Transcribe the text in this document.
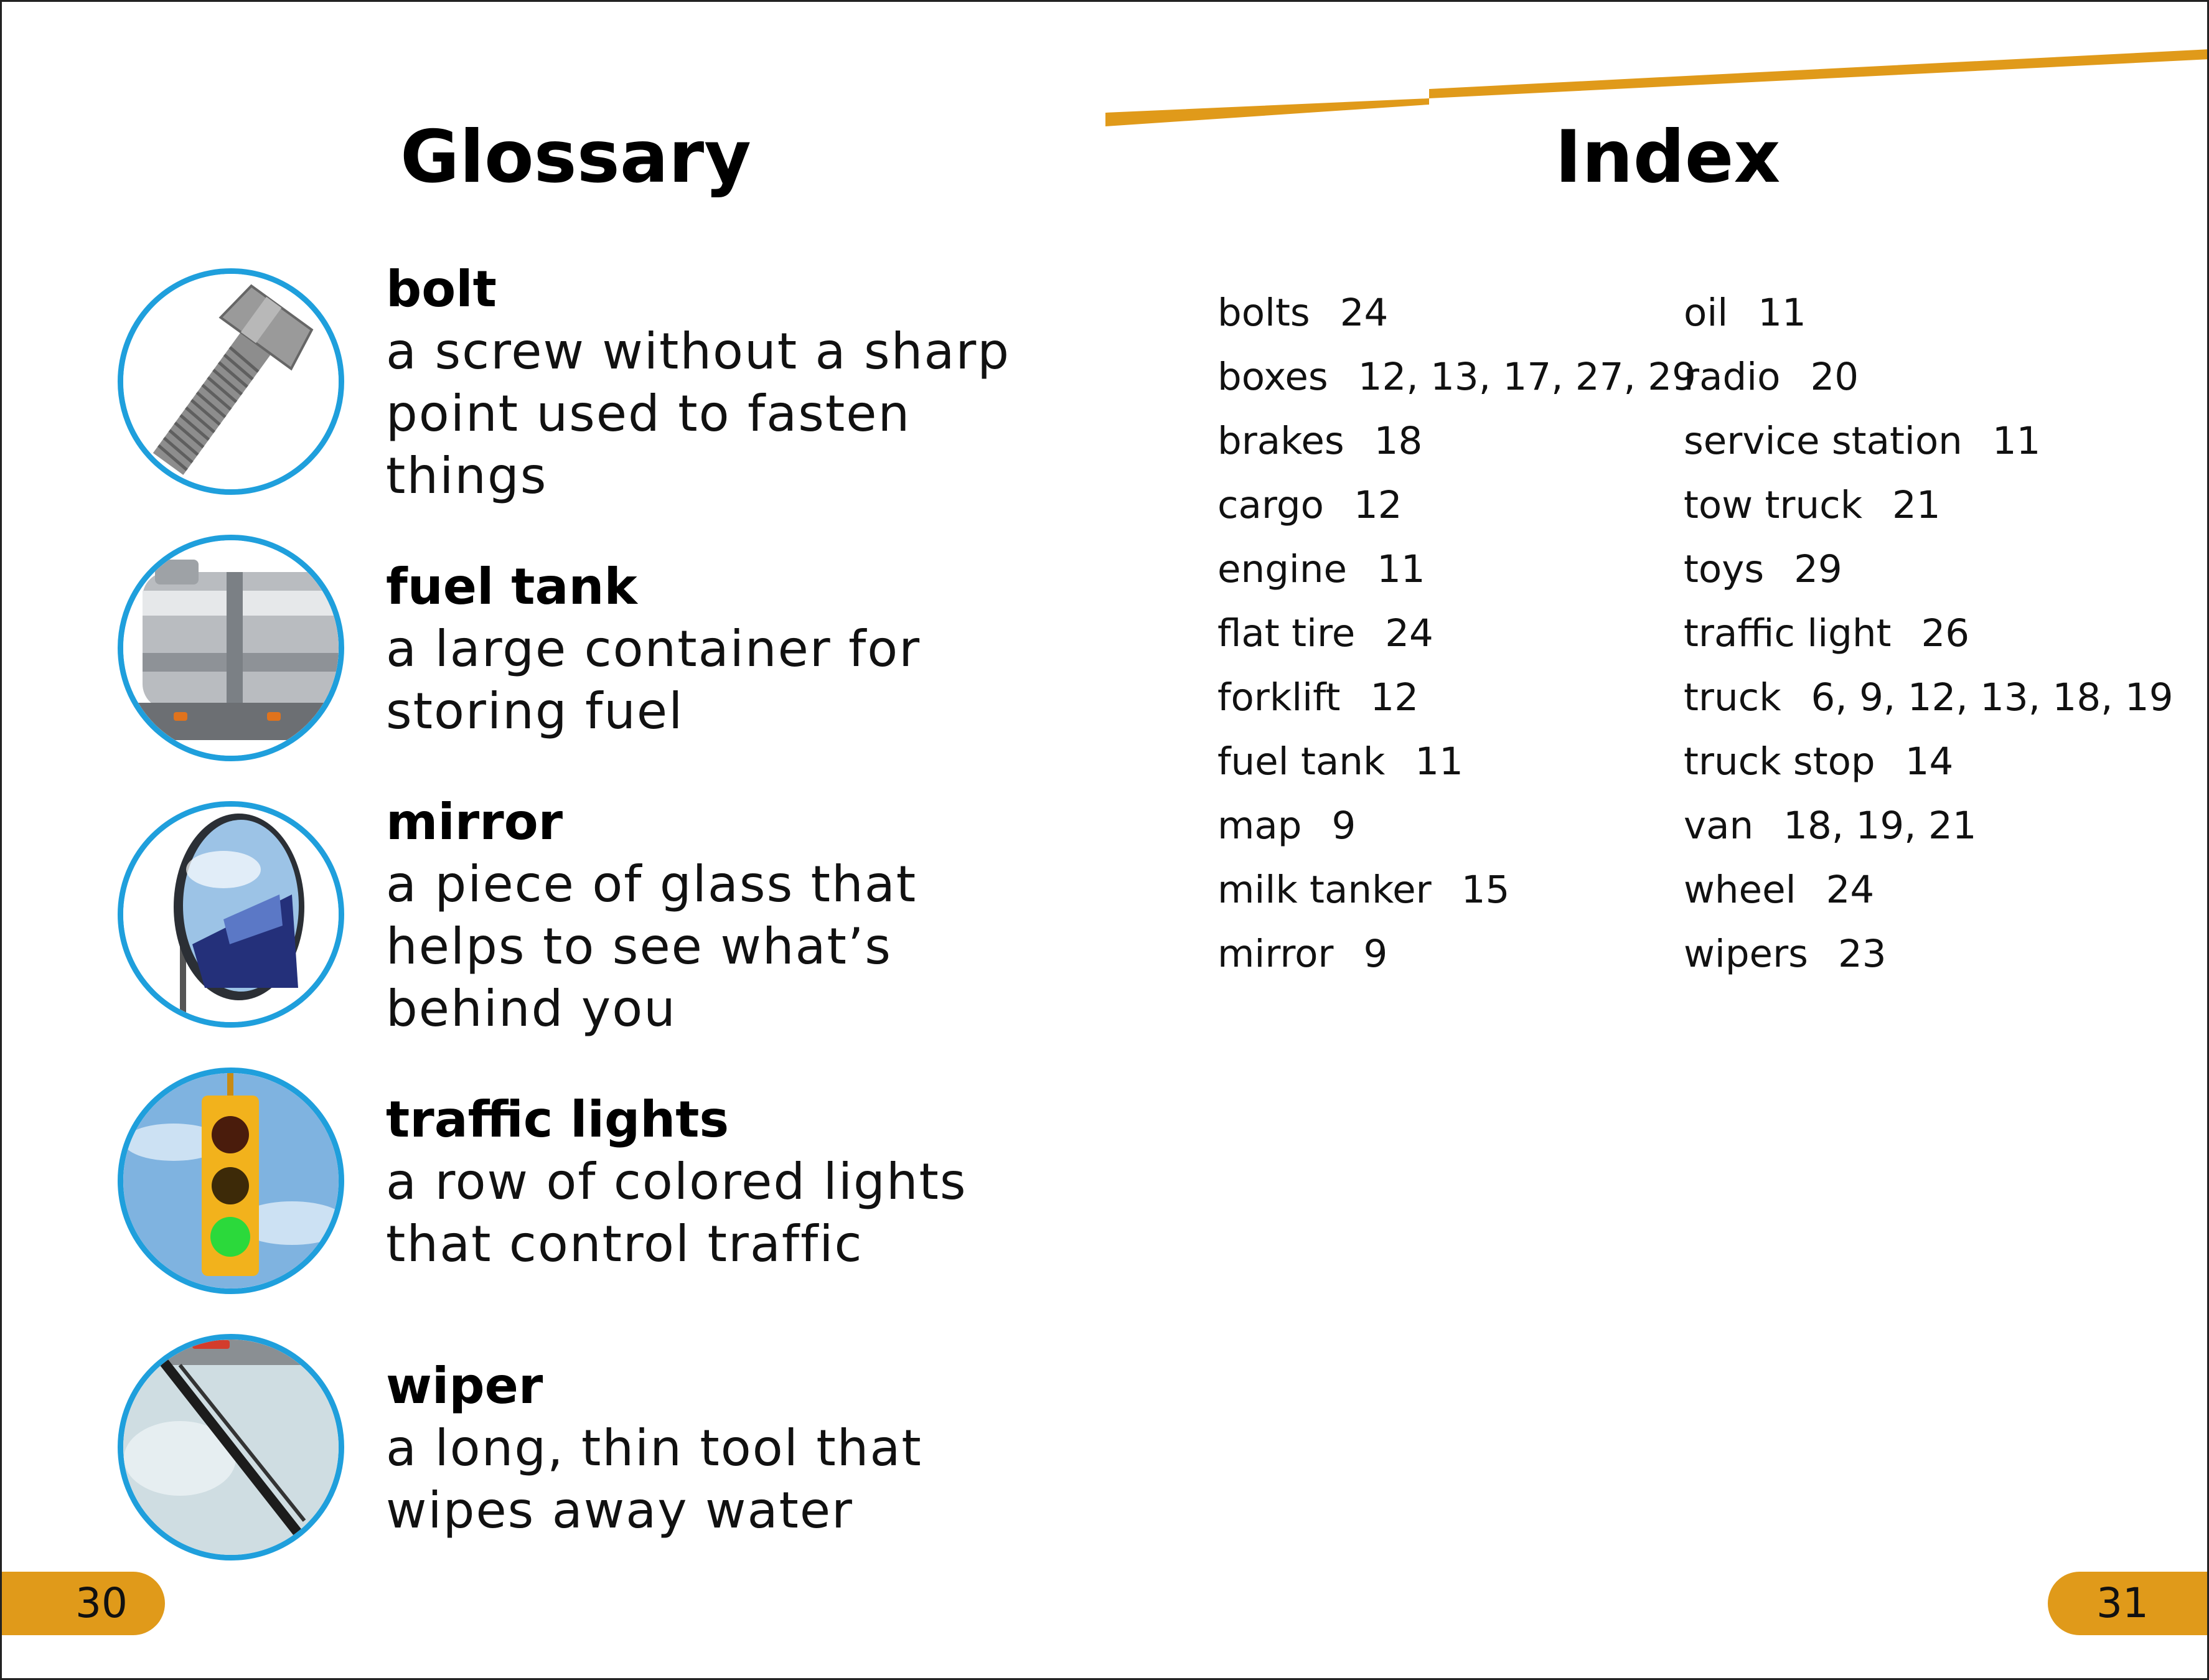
Glossary	Index
bolt
a screw without a sharp point used to fasten things
fuel tank
a large container for storing fuel
mirror
a piece of glass that helps to see what’s behind you
traffic lights
a row of colored lights that control traffic
wiper
a long, thin tool that wipes away water
bolts 24
boxes 12, 13, 17, 27, 29
brakes 18
cargo 12
engine 11
flat tire 24
forklift 12
fuel tank 11
map 9
milk tanker 15
mirror 9
oil 11
radio 20
service station 11
tow truck 21
toys 29
traffic light 26
truck 6, 9, 12, 13, 18, 19
truck stop 14
van 18, 19, 21
wheel 24
wipers 23
30	31
